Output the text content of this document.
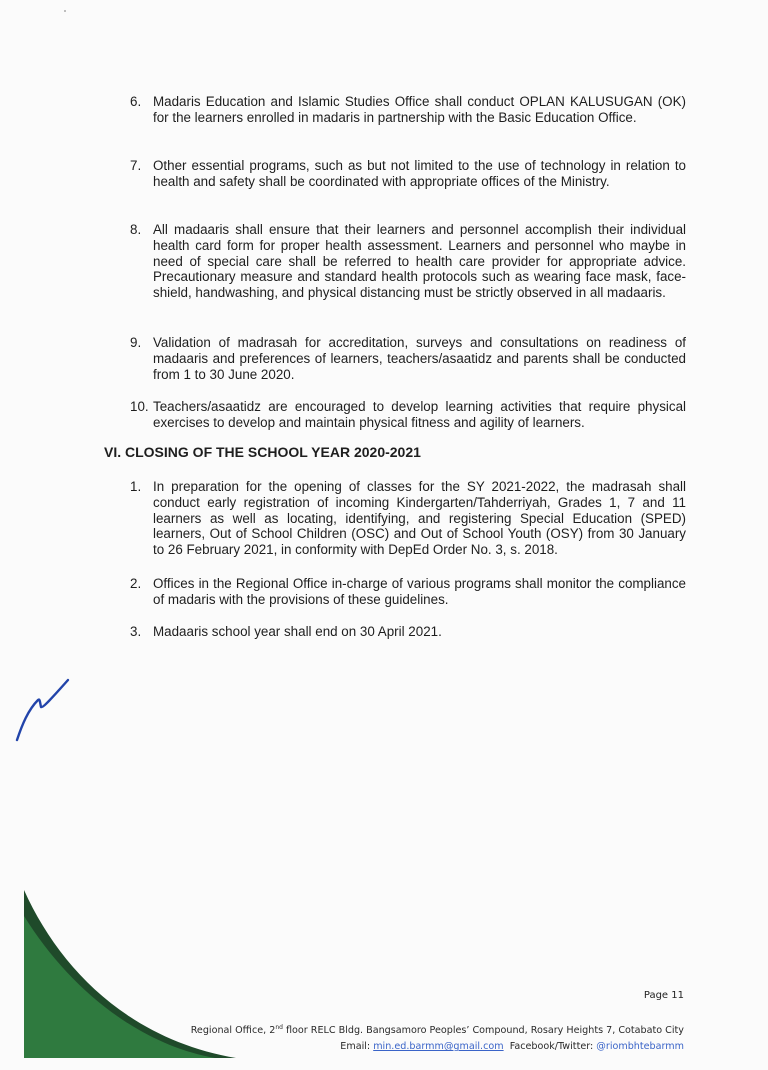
6. Madaris Education and Islamic Studies Office shall conduct OPLAN KALUSUGAN (OK) for the learners enrolled in madaris in partnership with the Basic Education Office.
7. Other essential programs, such as but not limited to the use of technology in relation to health and safety shall be coordinated with appropriate offices of the Ministry.
8. All madaaris shall ensure that their learners and personnel accomplish their individual health card form for proper health assessment. Learners and personnel who maybe in need of special care shall be referred to health care provider for appropriate advice. Precautionary measure and standard health protocols such as wearing face mask, face-shield, handwashing, and physical distancing must be strictly observed in all madaaris.
9. Validation of madrasah for accreditation, surveys and consultations on readiness of madaaris and preferences of learners, teachers/asaatidz and parents shall be conducted from 1 to 30 June 2020.
10. Teachers/asaatidz are encouraged to develop learning activities that require physical exercises to develop and maintain physical fitness and agility of learners.
VI. CLOSING OF THE SCHOOL YEAR 2020-2021
1. In preparation for the opening of classes for the SY 2021-2022, the madrasah shall conduct early registration of incoming Kindergarten/Tahderriyah, Grades 1, 7 and 11 learners as well as locating, identifying, and registering Special Education (SPED) learners, Out of School Children (OSC) and Out of School Youth (OSY) from 30 January to 26 February 2021, in conformity with DepEd Order No. 3, s. 2018.
2. Offices in the Regional Office in-charge of various programs shall monitor the compliance of madaris with the provisions of these guidelines.
3. Madaaris school year shall end on 30 April 2021.
Page 11
Regional Office, 2nd floor RELC Bldg. Bangsamoro Peoples’ Compound, Rosary Heights 7, Cotabato City
Email: min.ed.barmm@gmail.com  Facebook/Twitter: @riombhtebarmm
